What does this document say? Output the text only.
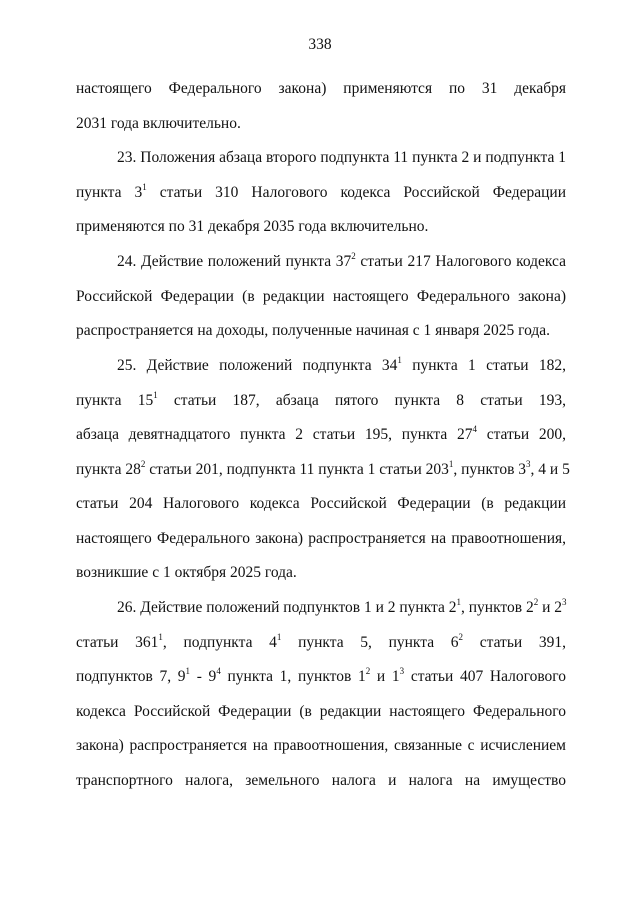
338
настоящего Федерального закона) применяются по 31 декабря
2031 года включительно.
23. Положения абзаца второго подпункта 11 пункта 2 и подпункта 1
пункта $3^1$ статьи 310 Налогового кодекса Российской Федерации
применяются по 31 декабря 2035 года включительно.
24. Действие положений пункта $37^2$ статьи 217 Налогового кодекса
Российской Федерации (в редакции настоящего Федерального закона)
распространяется на доходы, полученные начиная с 1 января 2025 года.
25. Действие положений подпункта $34^1$ пункта 1 статьи 182,
пункта $15^1$ статьи 187, абзаца пятого пункта 8 статьи 193,
абзаца девятнадцатого пункта 2 статьи 195, пункта $27^4$ статьи 200,
пункта $28^2$ статьи 201, подпункта 11 пункта 1 статьи $203^1$, пунктов $3^3$, 4 и 5
статьи 204 Налогового кодекса Российской Федерации (в редакции
настоящего Федерального закона) распространяется на правоотношения,
возникшие с 1 октября 2025 года.
26. Действие положений подпунктов 1 и 2 пункта $2^1$, пунктов $2^2$ и $2^3$
статьи $361^1$, подпункта $4^1$ пункта 5, пункта $6^2$ статьи 391,
подпунктов 7, $9^1 - 9^4$ пункта 1, пунктов $1^2$ и $1^3$ статьи 407 Налогового
кодекса Российской Федерации (в редакции настоящего Федерального
закона) распространяется на правоотношения, связанные с исчислением
транспортного налога, земельного налога и налога на имущество
